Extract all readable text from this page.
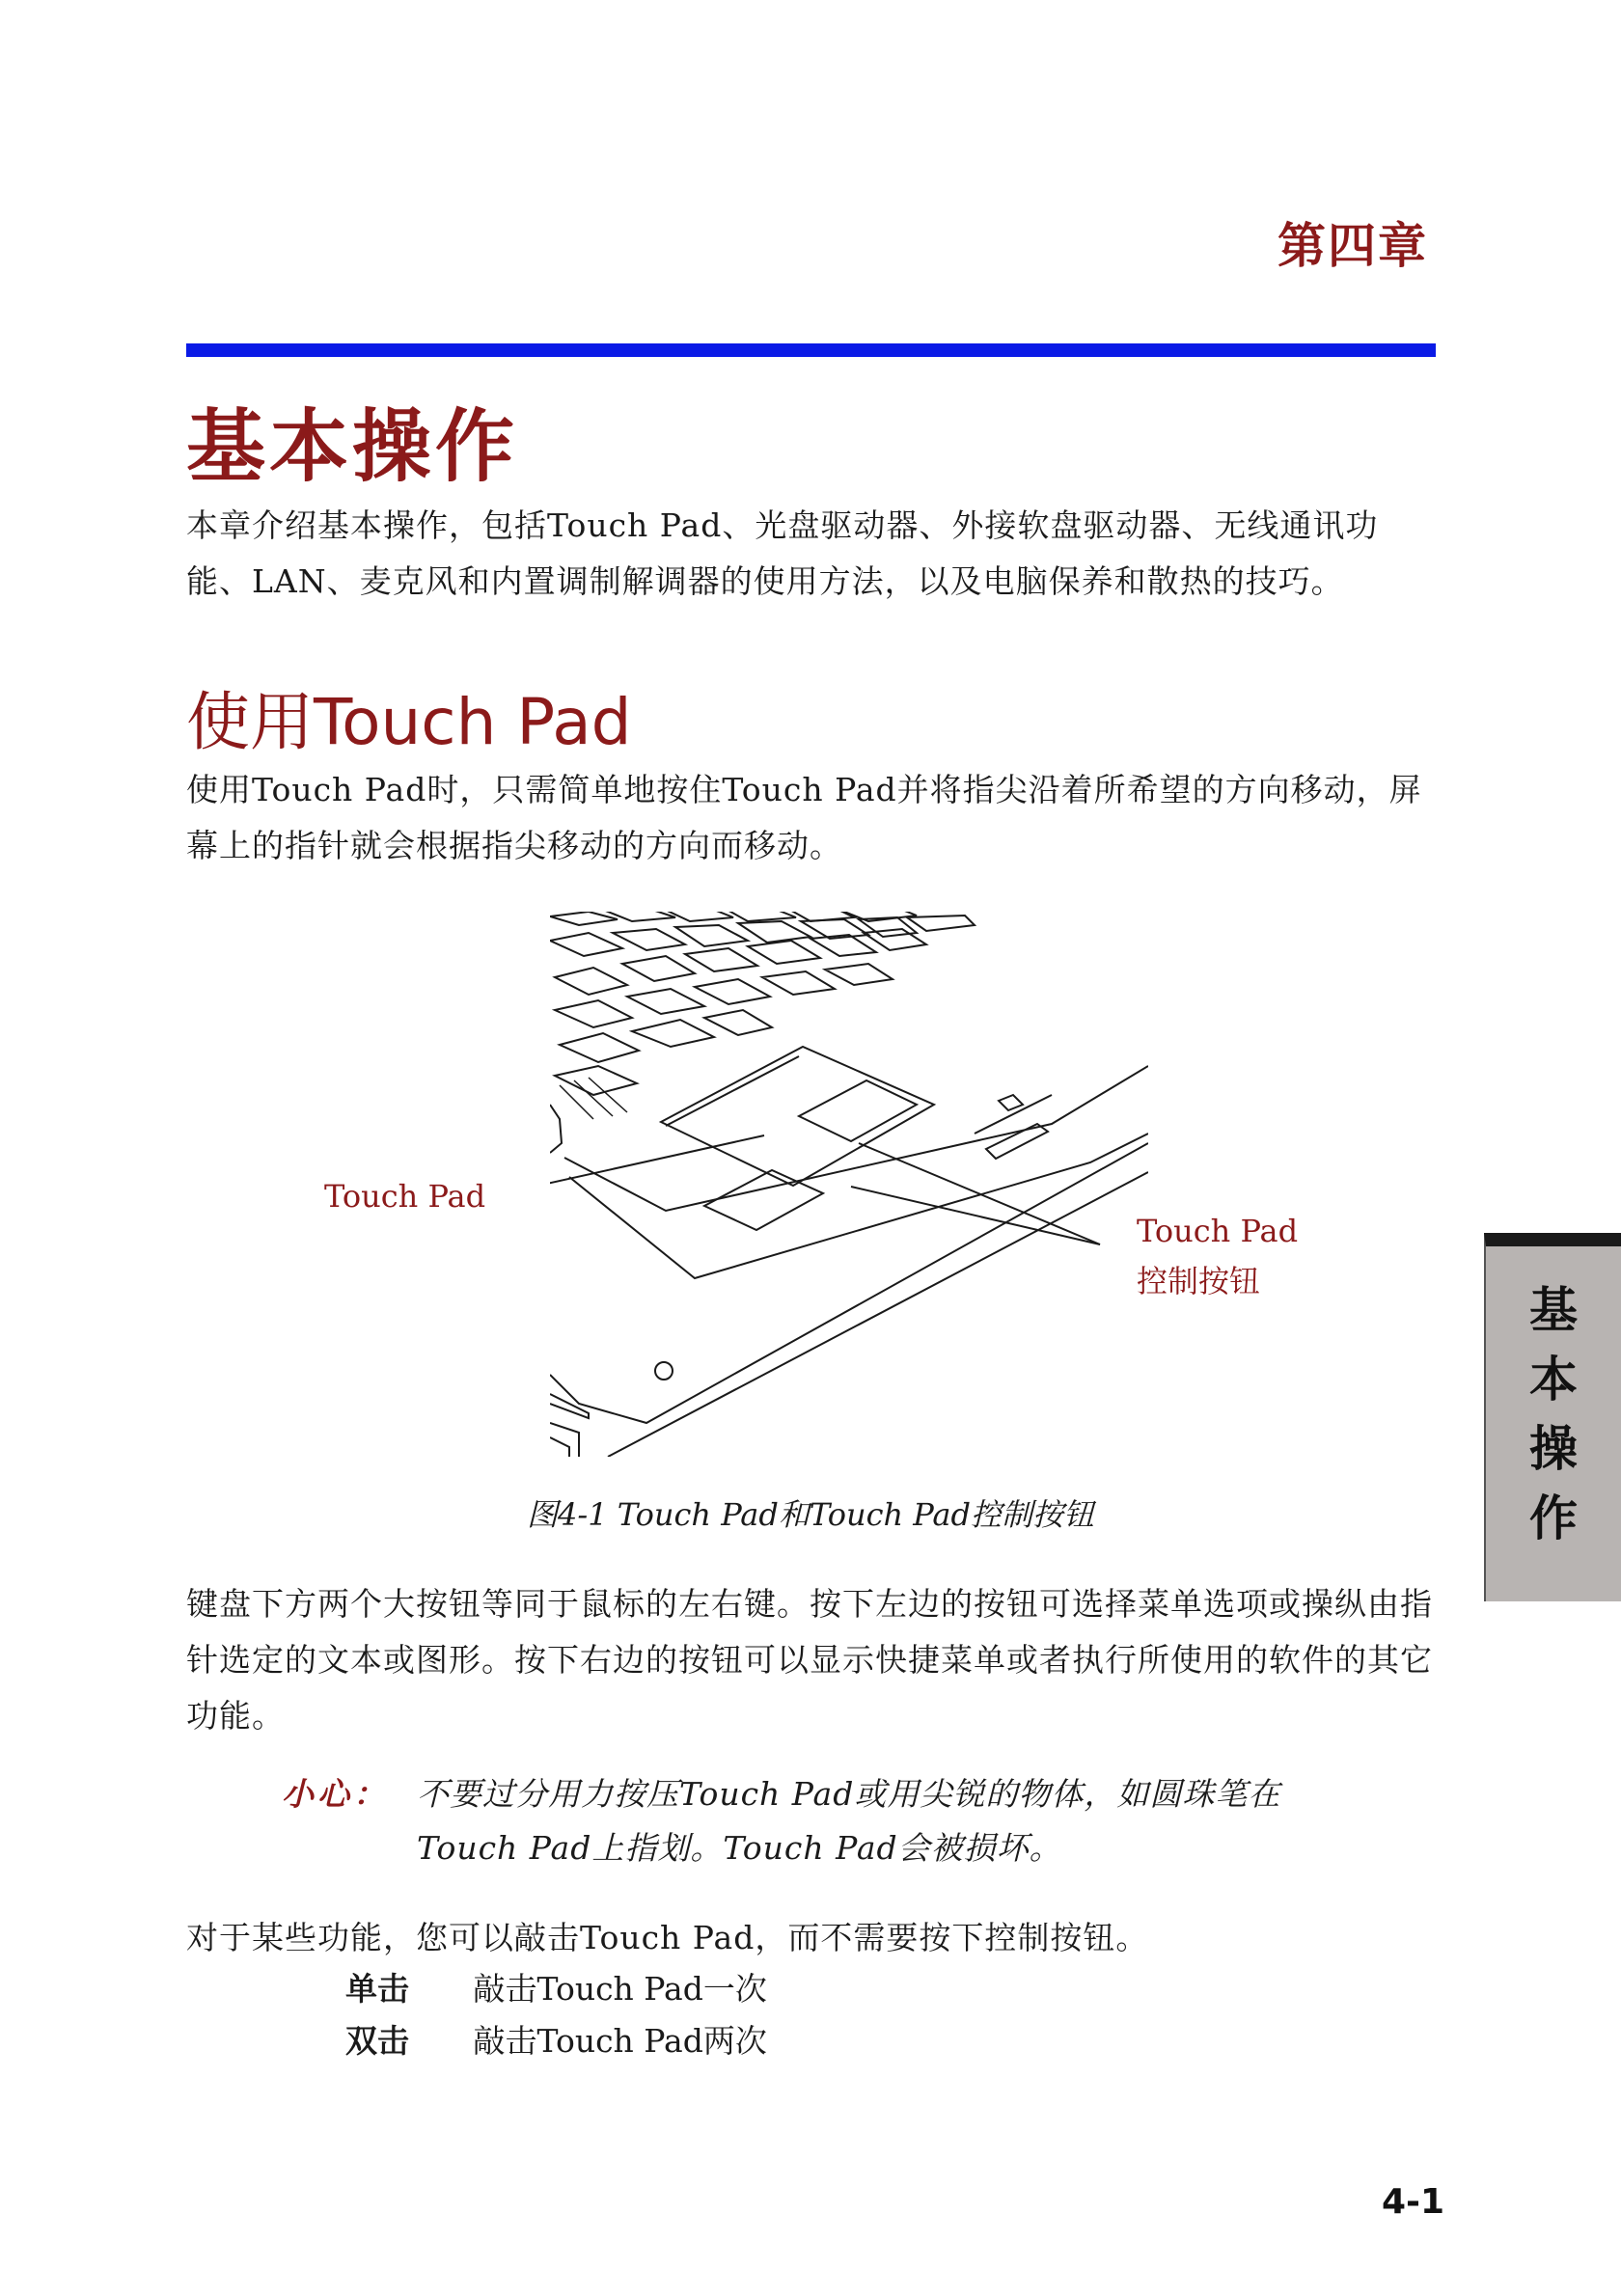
第四章
基本操作
本章介绍基本操作，包括Touch Pad、光盘驱动器、外接软盘驱动器、无线通讯功能、LAN、麦克风和内置调制解调器的使用方法，以及电脑保养和散热的技巧。
使用Touch Pad
使用Touch Pad时，只需简单地按住Touch Pad并将指尖沿着所希望的方向移动，屏幕上的指针就会根据指尖移动的方向而移动。
Touch Pad
Touch Pad
控制按钮
图4-1 Touch Pad和Touch Pad控制按钮
键盘下方两个大按钮等同于鼠标的左右键。按下左边的按钮可选择菜单选项或操纵由指针选定的文本或图形。按下右边的按钮可以显示快捷菜单或者执行所使用的软件的其它功能。
小心： 不要过分用力按压Touch Pad或用尖锐的物体，如圆珠笔在Touch Pad上指划。Touch Pad会被损坏。
对于某些功能，您可以敲击Touch Pad，而不需要按下控制按钮。
单击 敲击Touch Pad一次
双击 敲击Touch Pad两次
基
本
操
作
4-1
